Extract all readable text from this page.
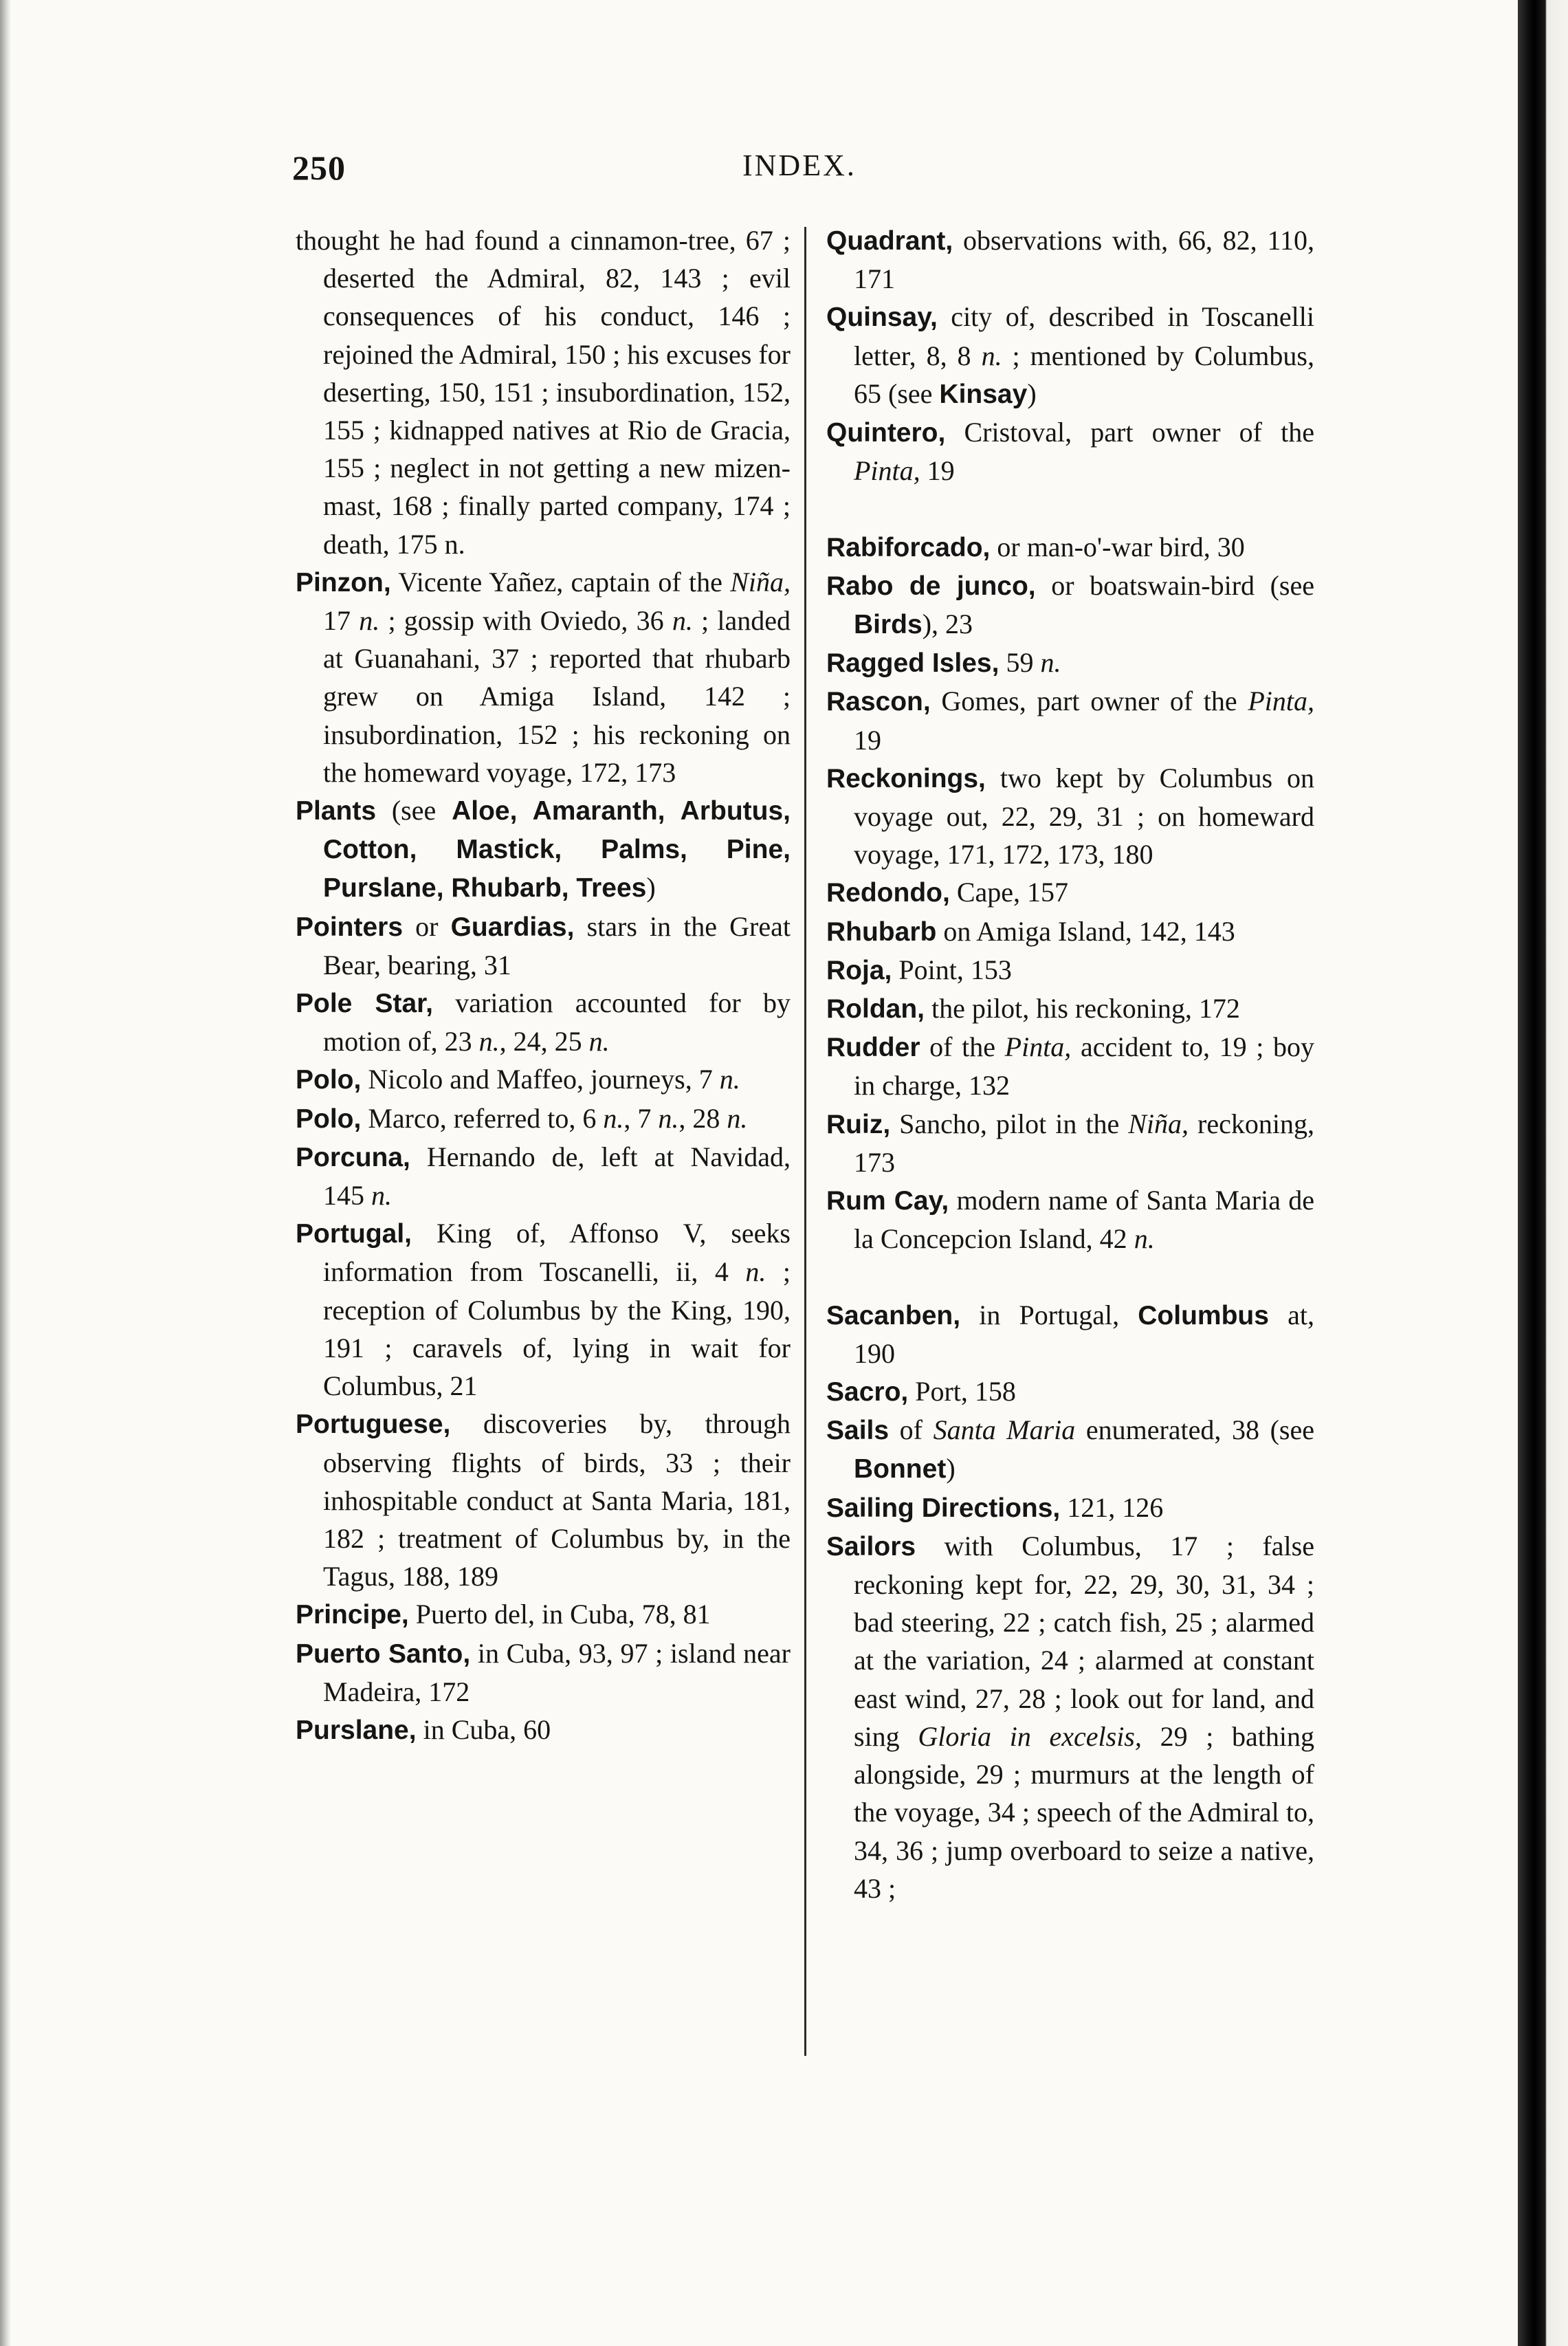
250	INDEX.

thought he had found a cinnamon-tree, 67 ; deserted the Admiral, 82, 143 ; evil consequences of his conduct, 146 ; rejoined the Admiral, 150 ; his excuses for deserting, 150, 151 ; insubordination, 152, 155 ; kidnapped natives at Rio de Gracia, 155 ; neglect in not getting a new mizen-mast, 168 ; finally parted company, 174 ; death, 175 n.

Pinzon, Vicente Yañez, captain of the Niña, 17 n. ; gossip with Oviedo, 36 n. ; landed at Guanahani, 37 ; reported that rhubarb grew on Amiga Island, 142 ; insubordination, 152 ; his reckoning on the homeward voyage, 172, 173

Plants (see Aloe, Amaranth, Arbutus, Cotton, Mastick, Palms, Pine, Purslane, Rhubarb, Trees)

Pointers or Guardias, stars in the Great Bear, bearing, 31

Pole Star, variation accounted for by motion of, 23 n., 24, 25 n.

Polo, Nicolo and Maffeo, journeys, 7 n.

Polo, Marco, referred to, 6 n., 7 n., 28 n.

Porcuna, Hernando de, left at Navidad, 145 n.

Portugal, King of, Affonso V, seeks information from Toscanelli, ii, 4 n. ; reception of Columbus by the King, 190, 191 ; caravels of, lying in wait for Columbus, 21

Portuguese, discoveries by, through observing flights of birds, 33 ; their inhospitable conduct at Santa Maria, 181, 182 ; treatment of Columbus by, in the Tagus, 188, 189

Principe, Puerto del, in Cuba, 78, 81

Puerto Santo, in Cuba, 93, 97 ; island near Madeira, 172

Purslane, in Cuba, 60

Quadrant, observations with, 66, 82, 110, 171

Quinsay, city of, described in Toscanelli letter, 8, 8 n. ; mentioned by Columbus, 65 (see Kinsay)

Quintero, Cristoval, part owner of the Pinta, 19

Rabiforcado, or man-o'-war bird, 30

Rabo de junco, or boatswain-bird (see Birds), 23

Ragged Isles, 59 n.

Rascon, Gomes, part owner of the Pinta, 19

Reckonings, two kept by Columbus on voyage out, 22, 29, 31 ; on homeward voyage, 171, 172, 173, 180

Redondo, Cape, 157

Rhubarb on Amiga Island, 142, 143

Roja, Point, 153

Roldan, the pilot, his reckoning, 172

Rudder of the Pinta, accident to, 19 ; boy in charge, 132

Ruiz, Sancho, pilot in the Niña, reckoning, 173

Rum Cay, modern name of Santa Maria de la Concepcion Island, 42 n.

Sacanben, in Portugal, Columbus at, 190

Sacro, Port, 158

Sails of Santa Maria enumerated, 38 (see Bonnet)

Sailing Directions, 121, 126

Sailors with Columbus, 17 ; false reckoning kept for, 22, 29, 30, 31, 34 ; bad steering, 22 ; catch fish, 25 ; alarmed at the variation, 24 ; alarmed at constant east wind, 27, 28 ; look out for land, and sing Gloria in excelsis, 29 ; bathing alongside, 29 ; murmurs at the length of the voyage, 34 ; speech of the Admiral to, 34, 36 ; jump overboard to seize a native, 43 ;
